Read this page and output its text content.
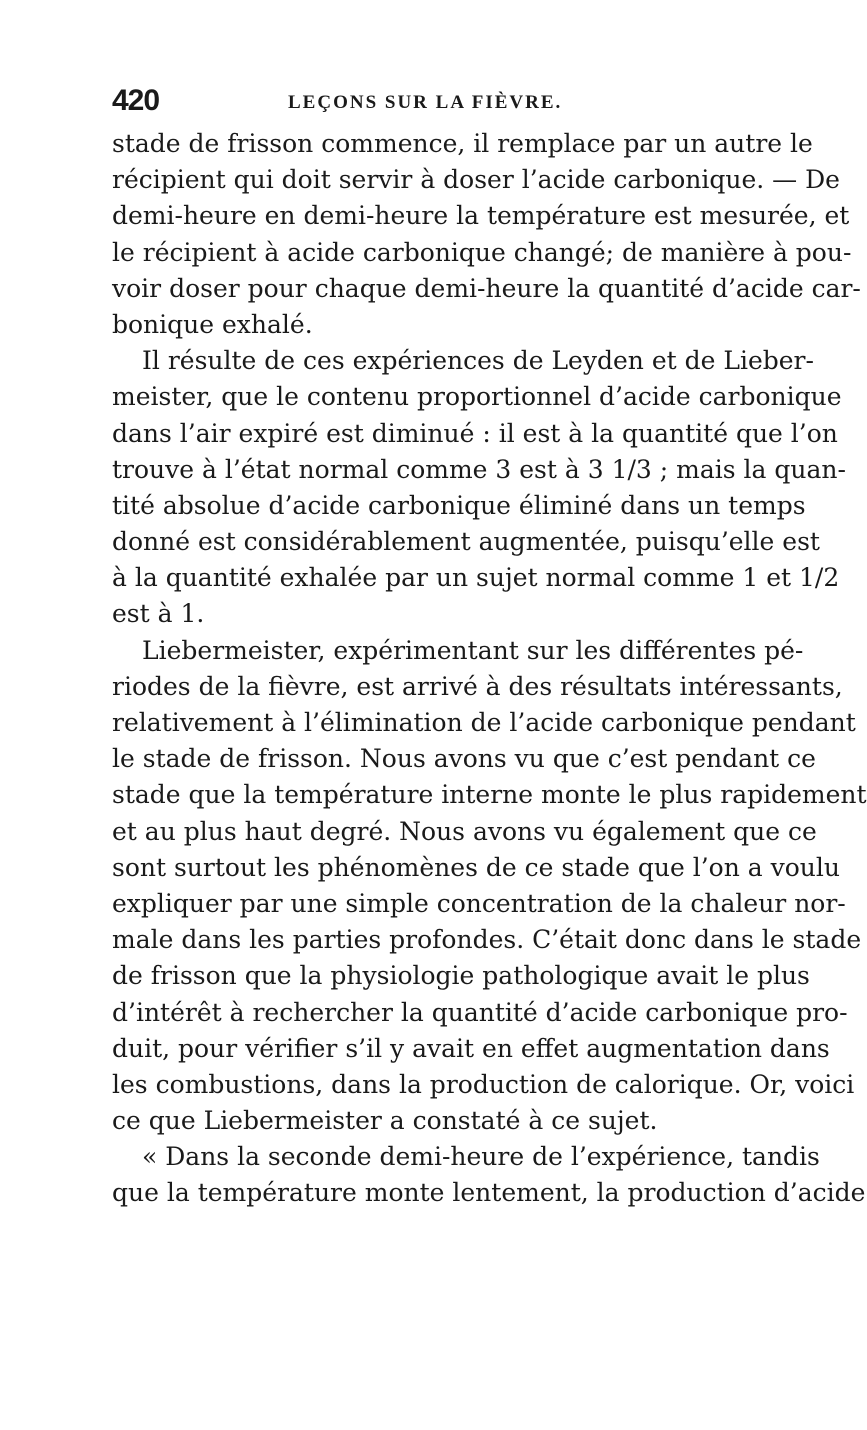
420	LEÇONS SUR LA FIÈVRE.
stade de frisson commence, il remplace par un autre le
récipient qui doit servir à doser l’acide carbonique. — De
demi-heure en demi-heure la température est mesurée, et
le récipient à acide carbonique changé; de manière à pou-
voir doser pour chaque demi-heure la quantité d’acide car-
bonique exhalé.
Il résulte de ces expériences de Leyden et de Lieber-
meister, que le contenu proportionnel d’acide carbonique
dans l’air expiré est diminué : il est à la quantité que l’on
trouve à l’état normal comme 3 est à 3 1/3 ; mais la quan-
tité absolue d’acide carbonique éliminé dans un temps
donné est considérablement augmentée, puisqu’elle est
à la quantité exhalée par un sujet normal comme 1 et 1/2
est à 1.
Liebermeister, expérimentant sur les différentes pé-
riodes de la fièvre, est arrivé à des résultats intéressants,
relativement à l’élimination de l’acide carbonique pendant
le stade de frisson. Nous avons vu que c’est pendant ce
stade que la température interne monte le plus rapidement
et au plus haut degré. Nous avons vu également que ce
sont surtout les phénomènes de ce stade que l’on a voulu
expliquer par une simple concentration de la chaleur nor-
male dans les parties profondes. C’était donc dans le stade
de frisson que la physiologie pathologique avait le plus
d’intérêt à rechercher la quantité d’acide carbonique pro-
duit, pour vérifier s’il y avait en effet augmentation dans
les combustions, dans la production de calorique. Or, voici
ce que Liebermeister a constaté à ce sujet.
« Dans la seconde demi-heure de l’expérience, tandis
que la température monte lentement, la production d’acide
